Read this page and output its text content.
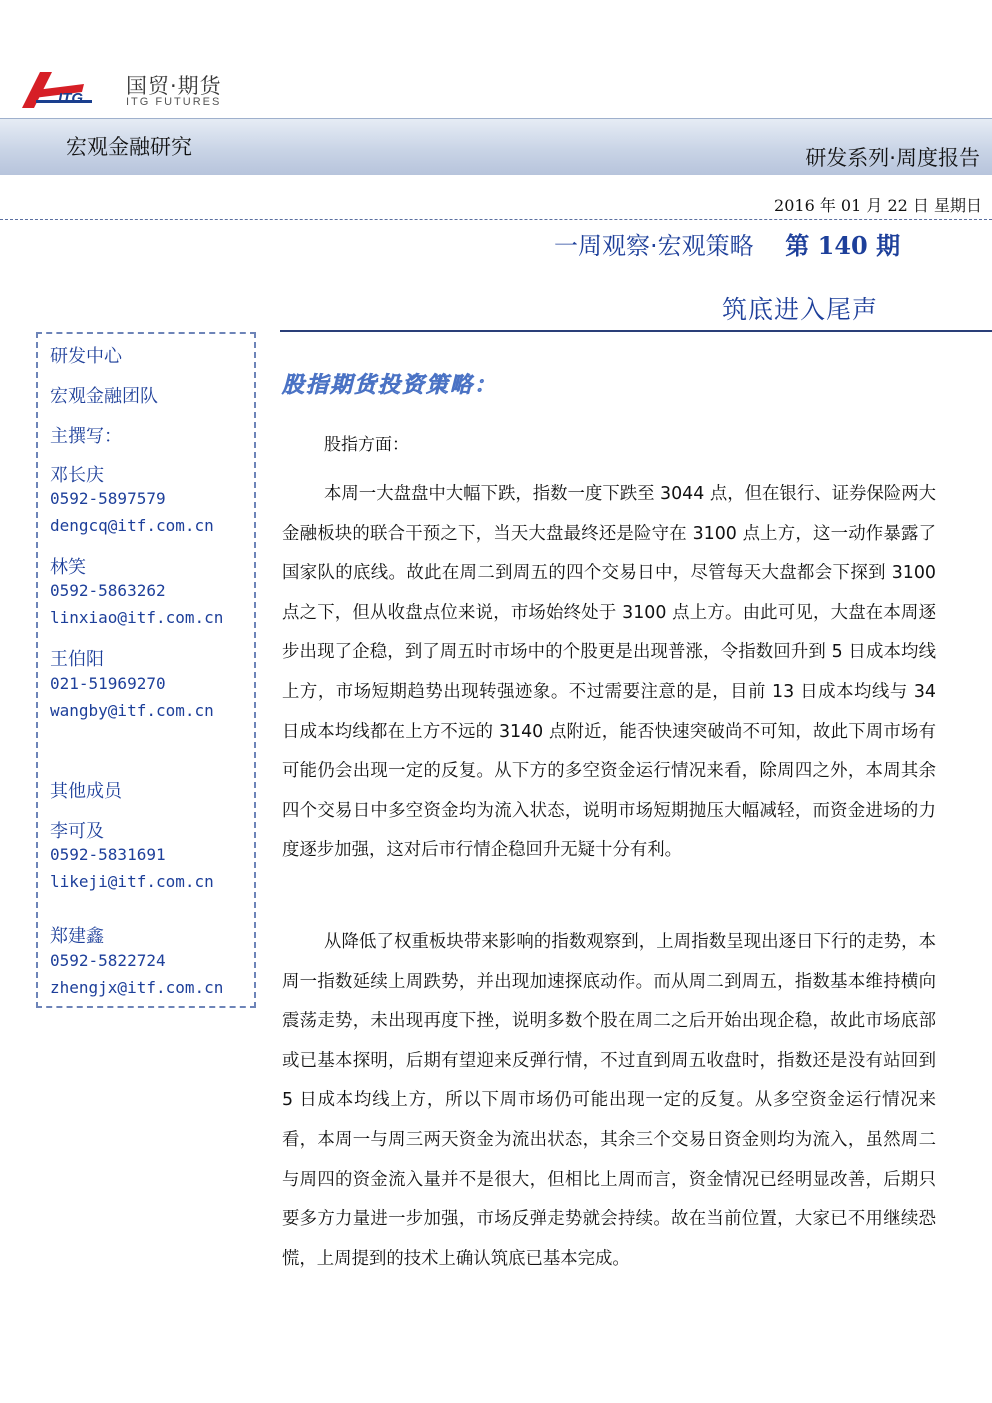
ITG
国贸·期货
ITG FUTURES
宏观金融研究	研发系列·周度报告
2016 年 01 月 22 日 星期日
一周观察·宏观策略 第 140 期
筑底进入尾声
研发中心
宏观金融团队
主撰写：
邓长庆
0592-5897579
dengcq@itf.com.cn
林笑
0592-5863262
linxiao@itf.com.cn
王伯阳
021-51969270
wangby@itf.com.cn
其他成员
李可及
0592-5831691
likeji@itf.com.cn
郑建鑫
0592-5822724
zhengjx@itf.com.cn
股指期货投资策略：
股指方面：

本周一大盘盘中大幅下跌，指数一度下跌至 3044 点，但在银行、证券保险两大金融板块的联合干预之下，当天大盘最终还是险守在 3100 点上方，这一动作暴露了国家队的底线。故此在周二到周五的四个交易日中，尽管每天大盘都会下探到 3100 点之下，但从收盘点位来说，市场始终处于 3100 点上方。由此可见，大盘在本周逐步出现了企稳，到了周五时市场中的个股更是出现普涨，令指数回升到 5 日成本均线上方，市场短期趋势出现转强迹象。不过需要注意的是，目前 13 日成本均线与 34 日成本均线都在上方不远的 3140 点附近，能否快速突破尚不可知，故此下周市场有可能仍会出现一定的反复。从下方的多空资金运行情况来看，除周四之外，本周其余四个交易日中多空资金均为流入状态，说明市场短期抛压大幅减轻，而资金进场的力度逐步加强，这对后市行情企稳回升无疑十分有利。

从降低了权重板块带来影响的指数观察到，上周指数呈现出逐日下行的走势，本周一指数延续上周跌势，并出现加速探底动作。而从周二到周五，指数基本维持横向震荡走势，未出现再度下挫，说明多数个股在周二之后开始出现企稳，故此市场底部或已基本探明，后期有望迎来反弹行情，不过直到周五收盘时，指数还是没有站回到 5 日成本均线上方，所以下周市场仍可能出现一定的反复。从多空资金运行情况来看，本周一与周三两天资金为流出状态，其余三个交易日资金则均为流入，虽然周二与周四的资金流入量并不是很大，但相比上周而言，资金情况已经明显改善，后期只要多方力量进一步加强，市场反弹走势就会持续。故在当前位置，大家已不用继续恐慌，上周提到的技术上确认筑底已基本完成。
